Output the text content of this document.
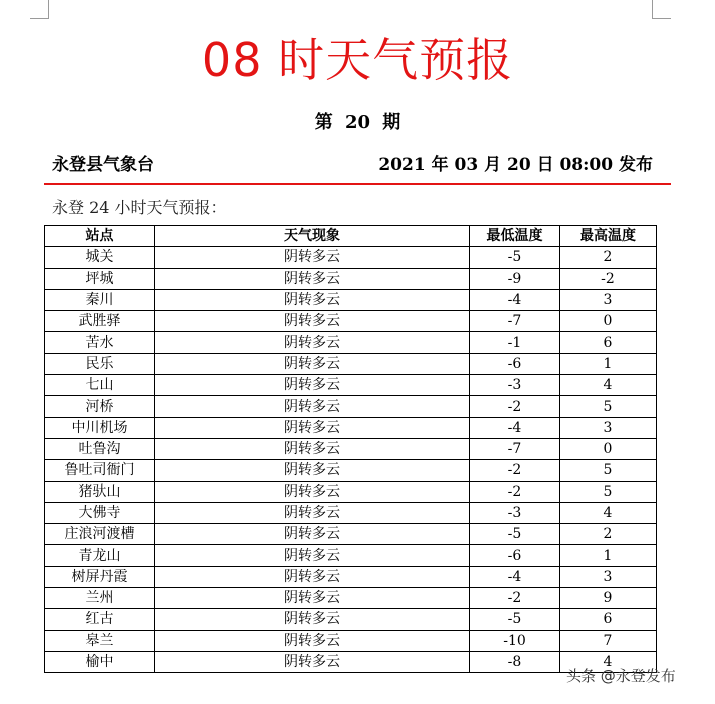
08 时天气预报
第 20 期
永登县气象台	2021 年 03 月 20 日 08:00 发布
永登 24 小时天气预报：
站点	天气现象	最低温度	最高温度
城关	阴转多云	-5	2
坪城	阴转多云	-9	-2
秦川	阴转多云	-4	3
武胜驿	阴转多云	-7	0
苦水	阴转多云	-1	6
民乐	阴转多云	-6	1
七山	阴转多云	-3	4
河桥	阴转多云	-2	5
中川机场	阴转多云	-4	3
吐鲁沟	阴转多云	-7	0
鲁吐司衙门	阴转多云	-2	5
猪驮山	阴转多云	-2	5
大佛寺	阴转多云	-3	4
庄浪河渡槽	阴转多云	-5	2
青龙山	阴转多云	-6	1
树屏丹霞	阴转多云	-4	3
兰州	阴转多云	-2	9
红古	阴转多云	-5	6
皋兰	阴转多云	-10	7
榆中	阴转多云	-8	4
头条 @永登发布
